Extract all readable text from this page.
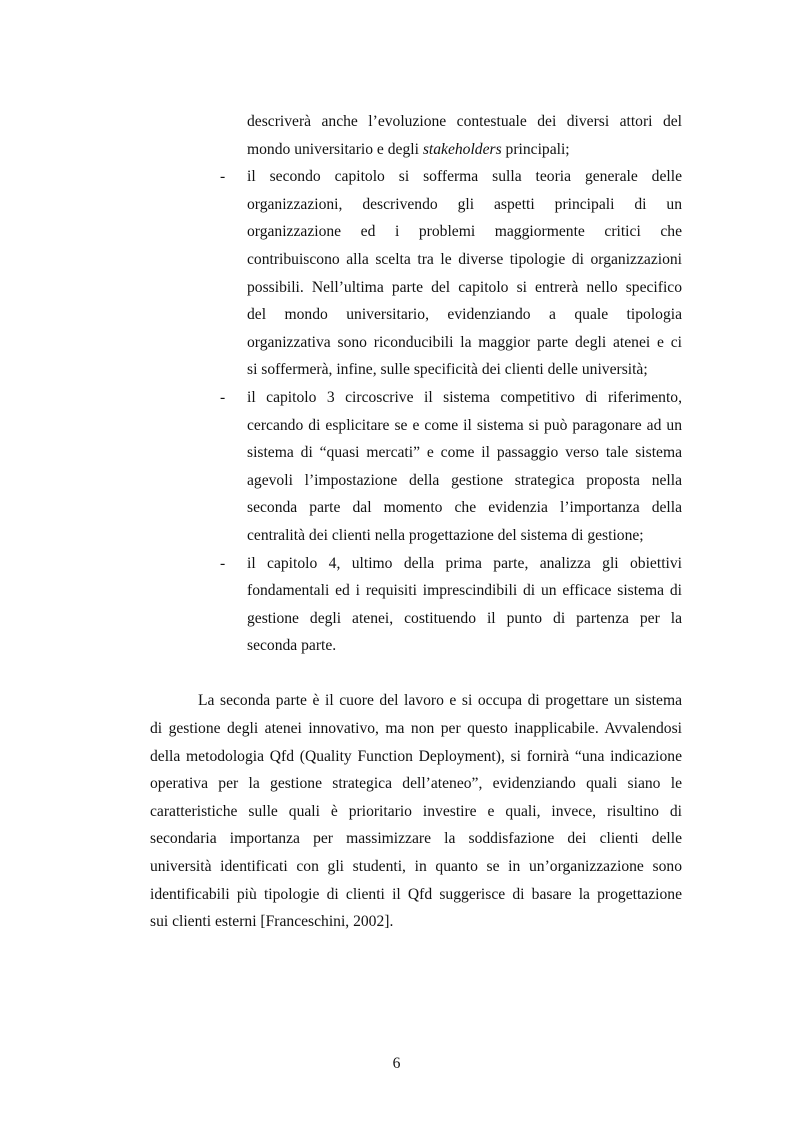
descriverà anche l’evoluzione contestuale dei diversi attori del
mondo universitario e degli stakeholders principali;
- il secondo capitolo si sofferma sulla teoria generale delle
organizzazioni, descrivendo gli aspetti principali di un
organizzazione ed i problemi maggiormente critici che
contribuiscono alla scelta tra le diverse tipologie di organizzazioni
possibili. Nell’ultima parte del capitolo si entrerà nello specifico
del mondo universitario, evidenziando a quale tipologia
organizzativa sono riconducibili la maggior parte degli atenei e ci
si soffermerà, infine, sulle specificità dei clienti delle università;
- il capitolo 3 circoscrive il sistema competitivo di riferimento,
cercando di esplicitare se e come il sistema si può paragonare ad un
sistema di “quasi mercati” e come il passaggio verso tale sistema
agevoli l’impostazione della gestione strategica proposta nella
seconda parte dal momento che evidenzia l’importanza della
centralità dei clienti nella progettazione del sistema di gestione;
- il capitolo 4, ultimo della prima parte, analizza gli obiettivi
fondamentali ed i requisiti imprescindibili di un efficace sistema di
gestione degli atenei, costituendo il punto di partenza per la
seconda parte.
La seconda parte è il cuore del lavoro e si occupa di progettare un sistema
di gestione degli atenei innovativo, ma non per questo inapplicabile. Avvalendosi
della metodologia Qfd (Quality Function Deployment), si fornirà “una indicazione
operativa per la gestione strategica dell’ateneo”, evidenziando quali siano le
caratteristiche sulle quali è prioritario investire e quali, invece, risultino di
secondaria importanza per massimizzare la soddisfazione dei clienti delle
università identificati con gli studenti, in quanto se in un’organizzazione sono
identificabili più tipologie di clienti il Qfd suggerisce di basare la progettazione
sui clienti esterni [Franceschini, 2002].
6
